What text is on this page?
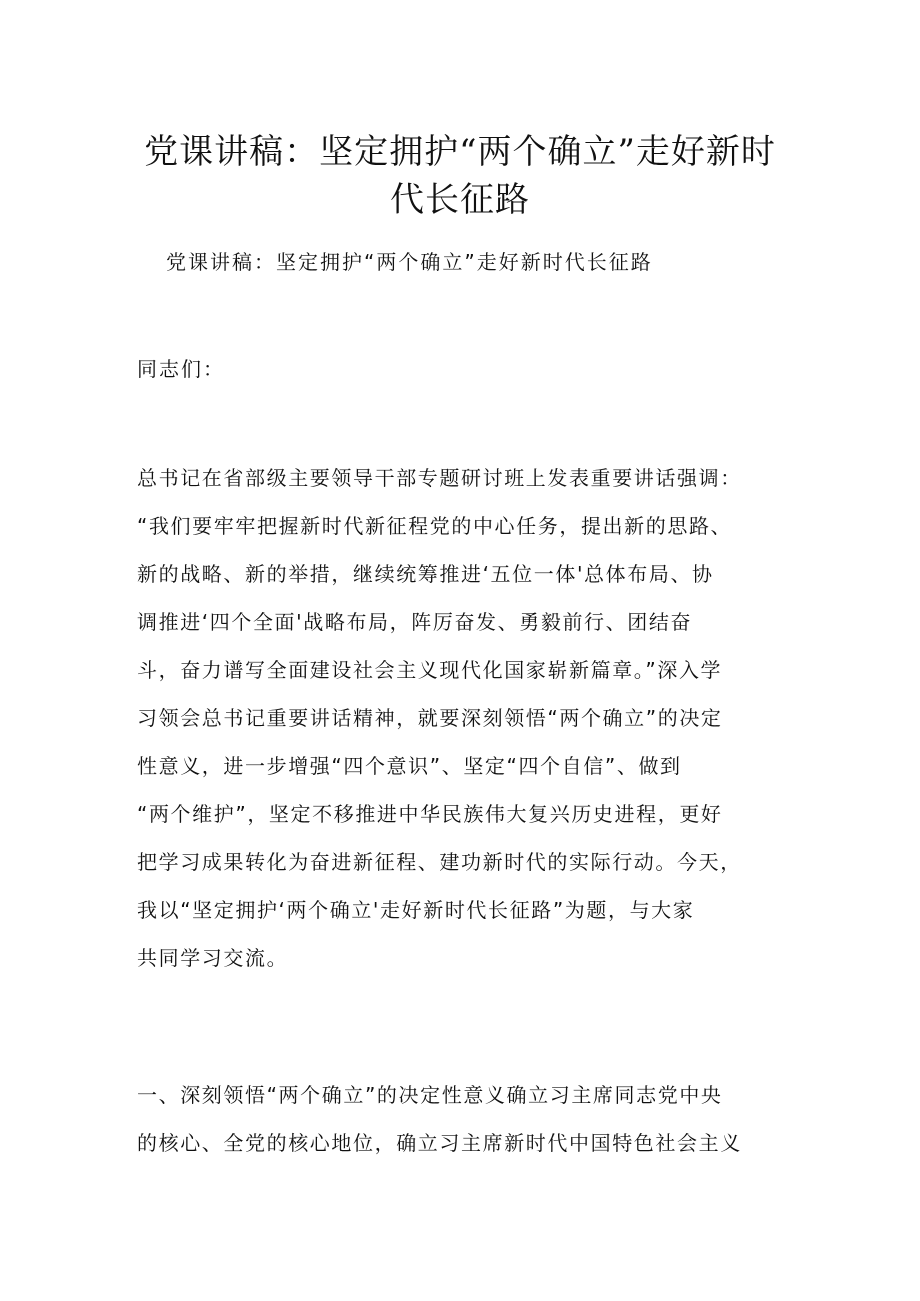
党课讲稿：坚定拥护“两个确立”走好新时
代长征路

党课讲稿：坚定拥护“两个确立”走好新时代长征路

同志们：

总书记在省部级主要领导干部专题研讨班上发表重要讲话强调：
“我们要牢牢把握新时代新征程党的中心任务，提出新的思路、
新的战略、新的举措，继续统筹推进‘五位一体'总体布局、协
调推进‘四个全面'战略布局，阵厉奋发、勇毅前行、团结奋
斗，奋力谱写全面建设社会主义现代化国家崭新篇章。”深入学
习领会总书记重要讲话精神，就要深刻领悟“两个确立”的决定
性意义，进一步增强“四个意识”、坚定“四个自信”、做到
“两个维护”，坚定不移推进中华民族伟大复兴历史进程，更好
把学习成果转化为奋进新征程、建功新时代的实际行动。今天，
我以“坚定拥护‘两个确立'走好新时代长征路”为题，与大家
共同学习交流。
一、深刻领悟“两个确立”的决定性意义确立习主席同志党中央
的核心、全党的核心地位，确立习主席新时代中国特色社会主义
